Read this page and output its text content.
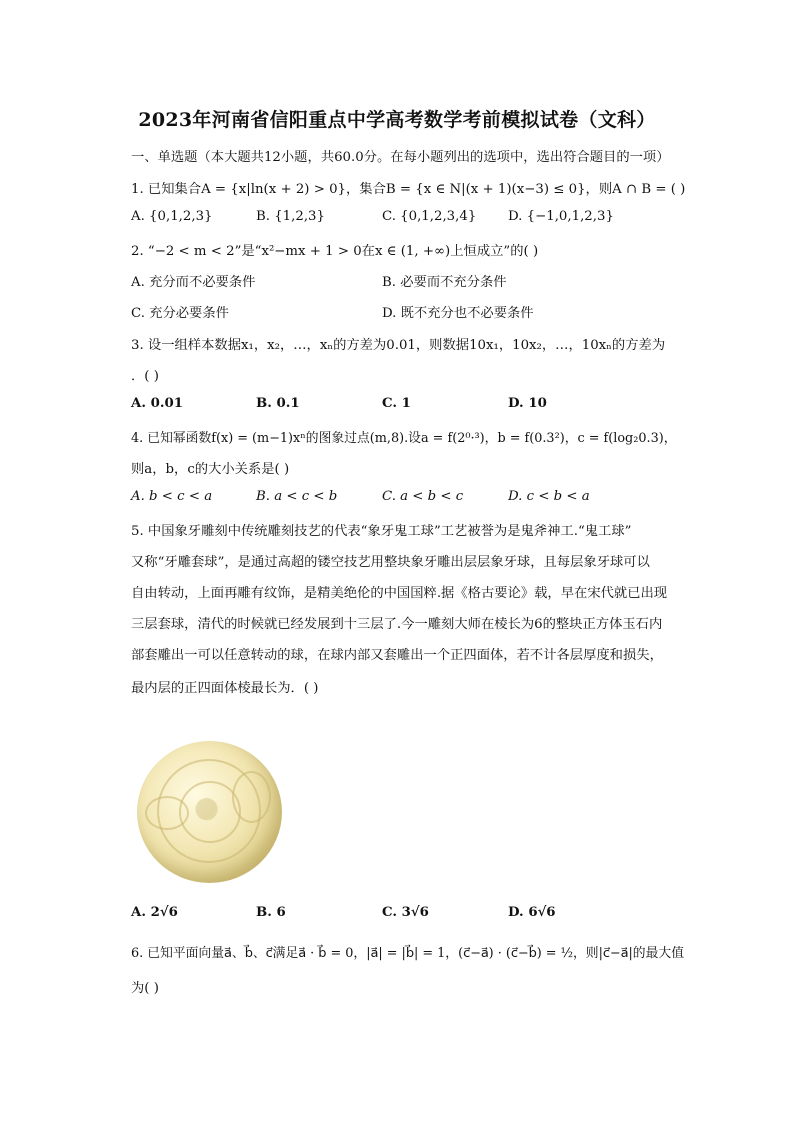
2023年河南省信阳重点中学高考数学考前模拟试卷（文科）
一、单选题（本大题共12小题，共60.0分。在每小题列出的选项中，选出符合题目的一项）
1. 已知集合A = {x|ln(x + 2) > 0}，集合B = {x ∈ N|(x + 1)(x−3) ≤ 0}，则A ∩ B = ( )
A. {0,1,2,3}	B. {1,2,3}	C. {0,1,2,3,4} D. {−1,0,1,2,3}
2. “−2 < m < 2”是“x²−mx + 1 > 0在x ∈ (1, +∞)上恒成立”的( )
A. 充分而不必要条件	B. 必要而不充分条件
C. 充分必要条件	D. 既不充分也不必要条件
3. 设一组样本数据x₁，x₂，…，xₙ的方差为0.01，则数据10x₁，10x₂，…，10xₙ的方差为
．( )
A. 0.01	B. 0.1	C. 1	D. 10
4. 已知幂函数f(x) = (m−1)xⁿ的图象过点(m,8).设a = f(2⁰·³)，b = f(0.3²)，c = f(log₂0.3)，
则a，b，c的大小关系是( )
A. b < c < a	B. a < c < b	C. a < b < c	D. c < b < a
5. 中国象牙雕刻中传统雕刻技艺的代表“象牙鬼工球”工艺被誉为是鬼斧神工.“鬼工球”
又称“牙雕套球”，是通过高超的镂空技艺用整块象牙雕出层层象牙球，且每层象牙球可以
自由转动，上面再雕有纹饰，是精美绝伦的中国国粹.据《格古要论》载，早在宋代就已出现
三层套球，清代的时候就已经发展到十三层了.今一雕刻大师在棱长为6的整块正方体玉石内
部套雕出一可以任意转动的球，在球内部又套雕出一个正四面体，若不计各层厚度和损失，
最内层的正四面体棱最长为．( )
A. 2√6	B. 6	C. 3√6	D. 6√6
6. 已知平面向量a⃗、b⃗、c⃗满足a⃗ · b⃗ = 0，|a⃗| = |b⃗| = 1，(c⃗−a⃗) · (c⃗−b⃗) = ½，则|c⃗−a⃗|的最大值
为( )
